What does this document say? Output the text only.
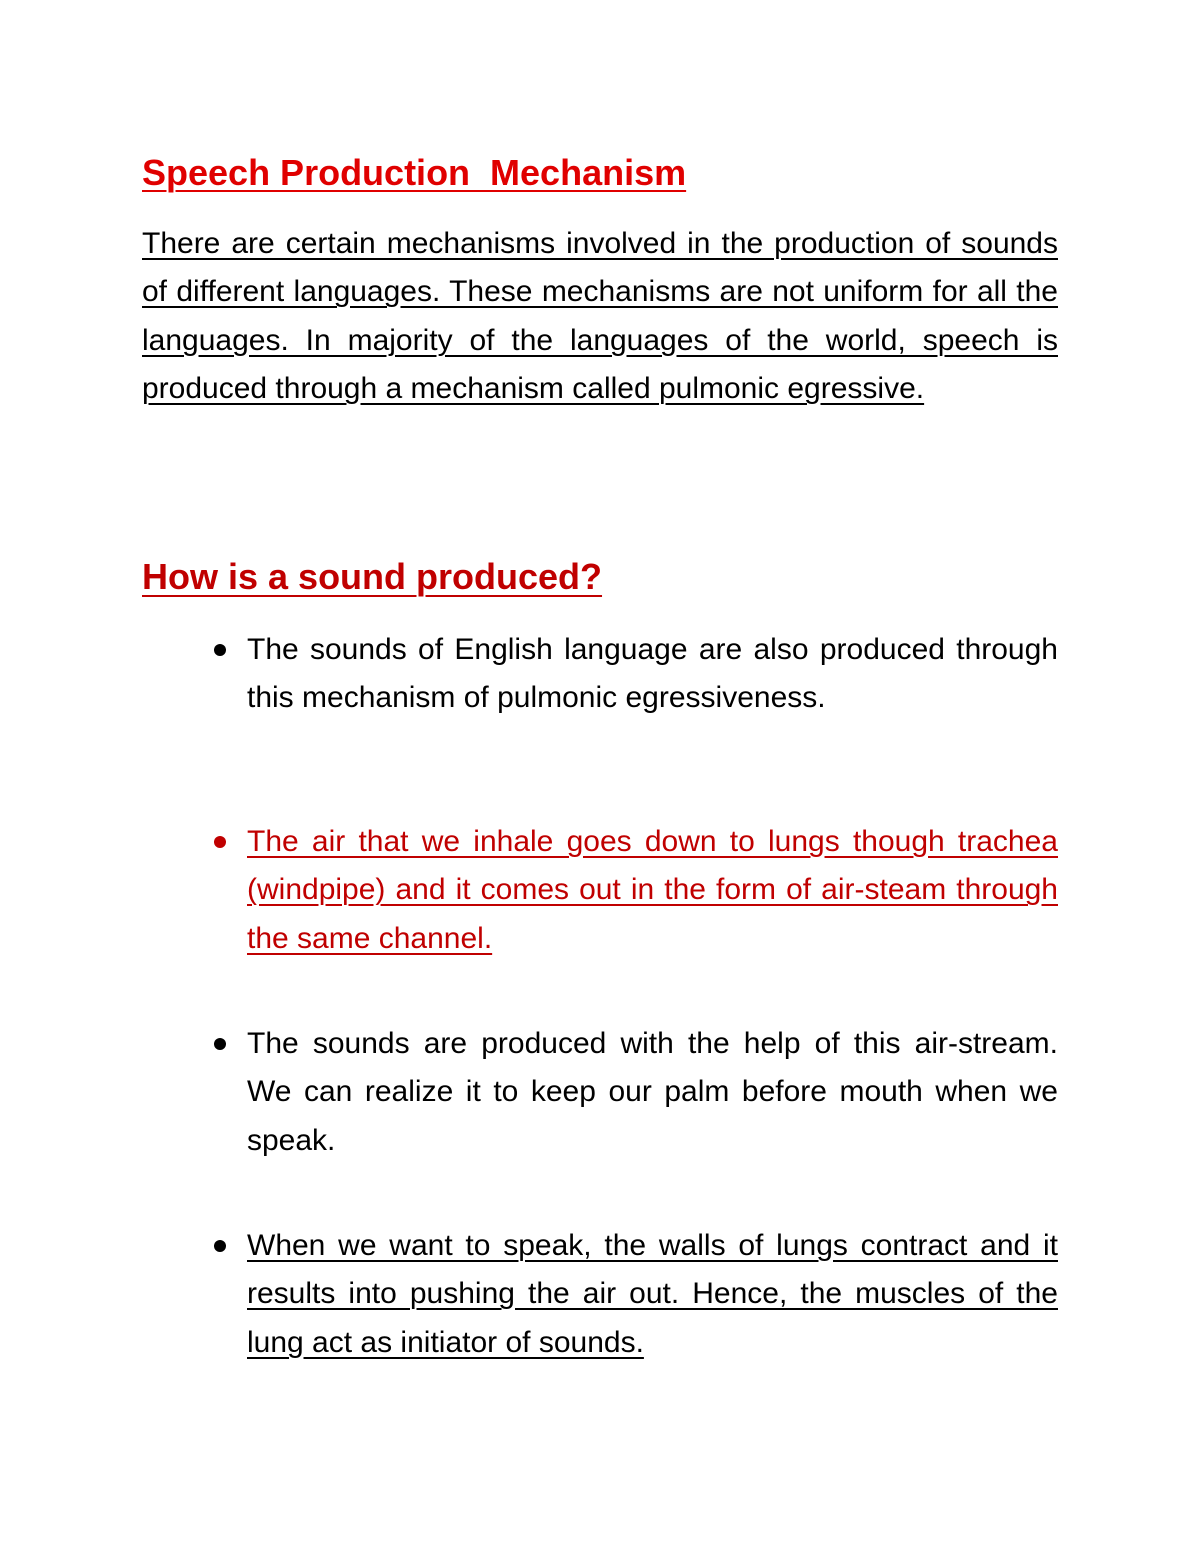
Speech Production  Mechanism

There are certain mechanisms involved in the production of sounds of different languages. These mechanisms are not uniform for all the languages. In majority of the languages of the world, speech is produced through a mechanism called pulmonic egressive.

How is a sound produced?

The sounds of English language are also produced through this mechanism of pulmonic egressiveness.

The air that we inhale goes down to lungs though trachea (windpipe) and it comes out in the form of air-steam through the same channel.

The sounds are produced with the help of this air-stream. We can realize it to keep our palm before mouth when we speak.

When we want to speak, the walls of lungs contract and it results into pushing the air out. Hence, the muscles of the lung act as initiator of sounds.
